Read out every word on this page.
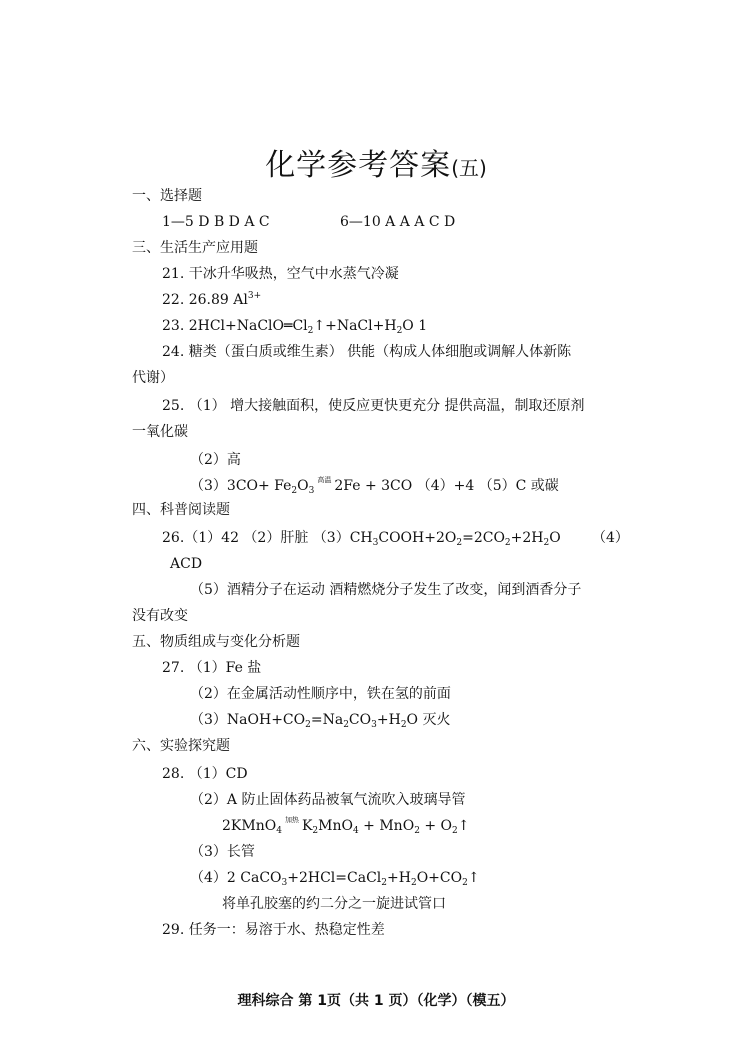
化学参考答案(五)
一、选择题
1—5 D B D A C	6—10 A A A C D
三、生活生产应用题
21. 干冰升华吸热，空气中水蒸气冷凝
22. 26.89 $Al^{3+}$
23. $2HCl+NaClO═Cl_2↑+NaCl+H_2O$ 1
24. 糖类（蛋白质或维生素） 供能（构成人体细胞或调解人体新陈
代谢）
25. （1） 增大接触面积，使反应更快更充分 提供高温，制取还原剂
一氧化碳
（2）高
$(3)3CO+ Fe_2O_3^{高温}$ 2Fe + 3CO （4）+4 （5）C 或碳
四、科普阅读题
26.（1）42 （2）肝脏 $(3)CH_3COOH+2O_2=2CO_2+2H_2O$ （4）
ACD
（5）酒精分子在运动 酒精燃烧分子发生了改变，闻到酒香分子
没有改变
五、物质组成与变化分析题
27. （1）Fe 盐
（2）在金属活动性顺序中，铁在氢的前面
$(3)NaOH+CO_2=Na_2CO_3+H_2O$ 灭火
六、实验探究题
28. （1）CD
（2）A 防止固体药品被氧气流吹入玻璃导管
2KMnO$_4^{加热}$ $K_2MnO_4 + MnO_2$ + $O_2↑$
（3）长管
（4）2 $CaCO_3+2HCl=CaCl_2+H_2O+CO_2↑$
将单孔胶塞的约二分之一旋进试管口
29. 任务一：易溶于水、热稳定性差
理科综合 第 1页（共 1 页）（化学）（模五）
